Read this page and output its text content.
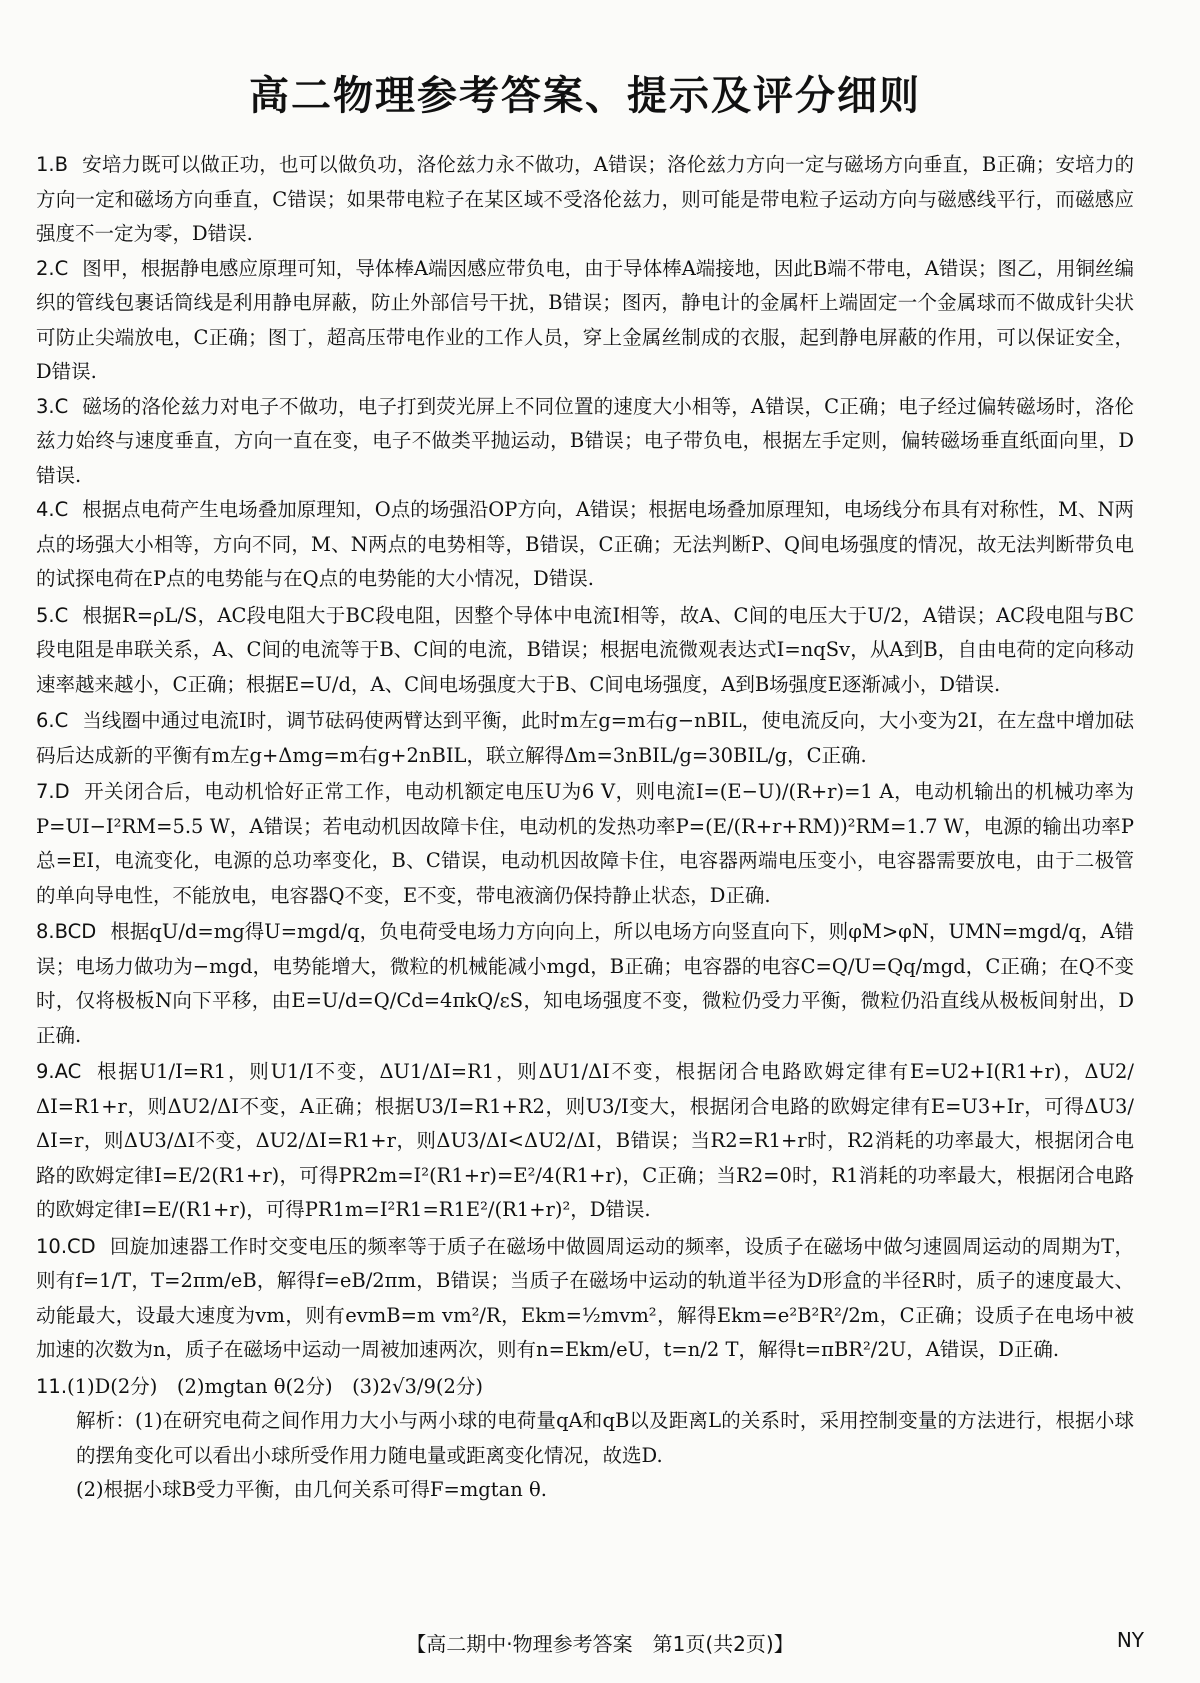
高二物理参考答案、提示及评分细则
1.B 安培力既可以做正功，也可以做负功，洛伦兹力永不做功，A错误；洛伦兹力方向一定与磁场方向垂直，B正确；安培力的方向一定和磁场方向垂直，C错误；如果带电粒子在某区域不受洛伦兹力，则可能是带电粒子运动方向与磁感线平行，而磁感应强度不一定为零，D错误.
2.C 图甲，根据静电感应原理可知，导体棒A端因感应带负电，由于导体棒A端接地，因此B端不带电，A错误；图乙，用铜丝编织的管线包裹话筒线是利用静电屏蔽，防止外部信号干扰，B错误；图丙，静电计的金属杆上端固定一个金属球而不做成针尖状可防止尖端放电，C正确；图丁，超高压带电作业的工作人员，穿上金属丝制成的衣服，起到静电屏蔽的作用，可以保证安全，D错误.
3.C 磁场的洛伦兹力对电子不做功，电子打到荧光屏上不同位置的速度大小相等，A错误，C正确；电子经过偏转磁场时，洛伦兹力始终与速度垂直，方向一直在变，电子不做类平抛运动，B错误；电子带负电，根据左手定则，偏转磁场垂直纸面向里，D错误.
4.C 根据点电荷产生电场叠加原理知，O点的场强沿OP方向，A错误；根据电场叠加原理知，电场线分布具有对称性，M、N两点的场强大小相等，方向不同，M、N两点的电势相等，B错误，C正确；无法判断P、Q间电场强度的情况，故无法判断带负电的试探电荷在P点的电势能与在Q点的电势能的大小情况，D错误.
5.C 根据R=ρL/S，AC段电阻大于BC段电阻，因整个导体中电流I相等，故A、C间的电压大于U/2，A错误；AC段电阻与BC段电阻是串联关系，A、C间的电流等于B、C间的电流，B错误；根据电流微观表达式I=nqSv，从A到B，自由电荷的定向移动速率越来越小，C正确；根据E=U/d，A、C间电场强度大于B、C间电场强度，A到B场强度E逐渐减小，D错误.
6.C 当线圈中通过电流I时，调节砝码使两臂达到平衡，此时m左g=m右g−nBIL，使电流反向，大小变为2I，在左盘中增加砝码后达成新的平衡有m左g+Δmg=m右g+2nBIL，联立解得Δm=3nBIL/g=30BIL/g，C正确.
7.D 开关闭合后，电动机恰好正常工作，电动机额定电压U为6 V，则电流I=(E−U)/(R+r)=1 A，电动机输出的机械功率为P=UI−I²RM=5.5 W，A错误；若电动机因故障卡住，电动机的发热功率P=(E/(R+r+RM))²RM=1.7 W，电源的输出功率P总=EI，电流变化，电源的总功率变化，B、C错误，电动机因故障卡住，电容器两端电压变小，电容器需要放电，由于二极管的单向导电性，不能放电，电容器Q不变，E不变，带电液滴仍保持静止状态，D正确.
8.BCD 根据qU/d=mg得U=mgd/q，负电荷受电场力方向向上，所以电场方向竖直向下，则φM>φN，UMN=mgd/q，A错误；电场力做功为−mgd，电势能增大，微粒的机械能减小mgd，B正确；电容器的电容C=Q/U=Qq/mgd，C正确；在Q不变时，仅将极板N向下平移，由E=U/d=Q/Cd=4πkQ/εS，知电场强度不变，微粒仍受力平衡，微粒仍沿直线从极板间射出，D正确.
9.AC 根据U1/I=R1，则U1/I不变，ΔU1/ΔI=R1，则ΔU1/ΔI不变，根据闭合电路欧姆定律有E=U2+I(R1+r)，ΔU2/ΔI=R1+r，则ΔU2/ΔI不变，A正确；根据U3/I=R1+R2，则U3/I变大，根据闭合电路的欧姆定律有E=U3+Ir，可得ΔU3/ΔI=r，则ΔU3/ΔI不变，ΔU2/ΔI=R1+r，则ΔU3/ΔI<ΔU2/ΔI，B错误；当R2=R1+r时，R2消耗的功率最大，根据闭合电路的欧姆定律I=E/2(R1+r)，可得PR2m=I²(R1+r)=E²/4(R1+r)，C正确；当R2=0时，R1消耗的功率最大，根据闭合电路的欧姆定律I=E/(R1+r)，可得PR1m=I²R1=R1E²/(R1+r)²，D错误.
10.CD 回旋加速器工作时交变电压的频率等于质子在磁场中做圆周运动的频率，设质子在磁场中做匀速圆周运动的周期为T，则有f=1/T，T=2πm/eB，解得f=eB/2πm，B错误；当质子在磁场中运动的轨道半径为D形盒的半径R时，质子的速度最大、动能最大，设最大速度为vm，则有evmB=m vm²/R，Ekm=½mvm²，解得Ekm=e²B²R²/2m，C正确；设质子在电场中被加速的次数为n，质子在磁场中运动一周被加速两次，则有n=Ekm/eU，t=n/2 T，解得t=πBR²/2U，A错误，D正确.
11.(1)D(2分)　(2)mgtan θ(2分)　(3)2√3/9(2分)
解析：(1)在研究电荷之间作用力大小与两小球的电荷量qA和qB以及距离L的关系时，采用控制变量的方法进行，根据小球的摆角变化可以看出小球所受作用力随电量或距离变化情况，故选D.
(2)根据小球B受力平衡，由几何关系可得F=mgtan θ.
【高二期中·物理参考答案　第1页(共2页)】	NY
